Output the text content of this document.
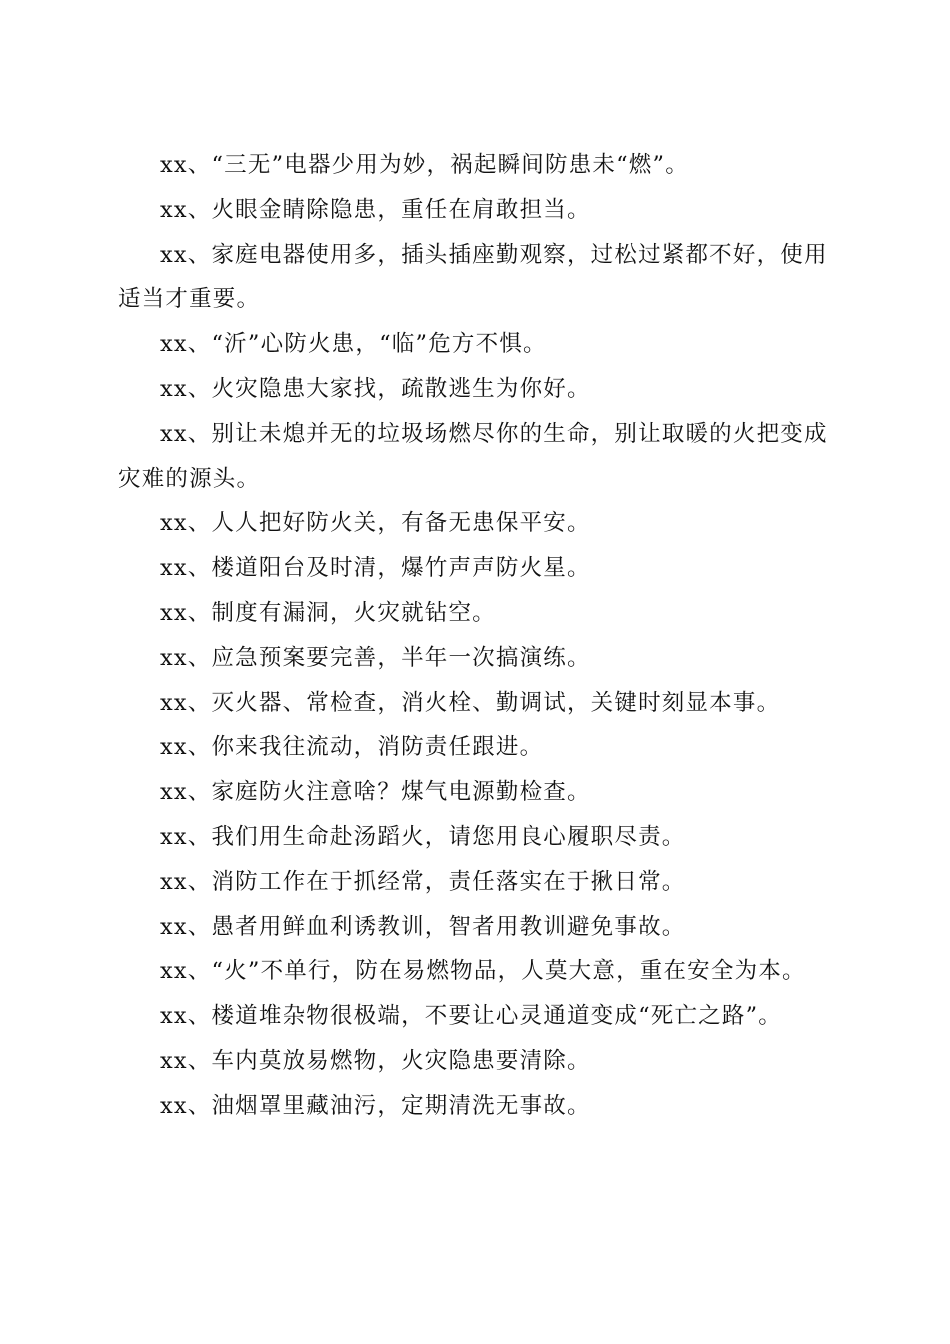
xx、“三无”电器少用为妙，祸起瞬间防患未“燃”。

xx、火眼金睛除隐患，重任在肩敢担当。

xx、家庭电器使用多，插头插座勤观察，过松过紧都不好，使用适当才重要。

xx、“沂”心防火患，“临”危方不惧。

xx、火灾隐患大家找，疏散逃生为你好。

xx、别让未熄并无的垃圾场燃尽你的生命，别让取暖的火把变成灾难的源头。

xx、人人把好防火关，有备无患保平安。

xx、楼道阳台及时清，爆竹声声防火星。

xx、制度有漏洞，火灾就钻空。

xx、应急预案要完善，半年一次搞演练。

xx、灭火器、常检查，消火栓、勤调试，关键时刻显本事。

xx、你来我往流动，消防责任跟进。

xx、家庭防火注意啥？煤气电源勤检查。

xx、我们用生命赴汤蹈火，请您用良心履职尽责。

xx、消防工作在于抓经常，责任落实在于揪日常。

xx、愚者用鲜血利诱教训，智者用教训避免事故。

xx、“火”不单行，防在易燃物品，人莫大意，重在安全为本。

xx、楼道堆杂物很极端，不要让心灵通道变成“死亡之路”。

xx、车内莫放易燃物，火灾隐患要清除。

xx、油烟罩里藏油污，定期清洗无事故。
